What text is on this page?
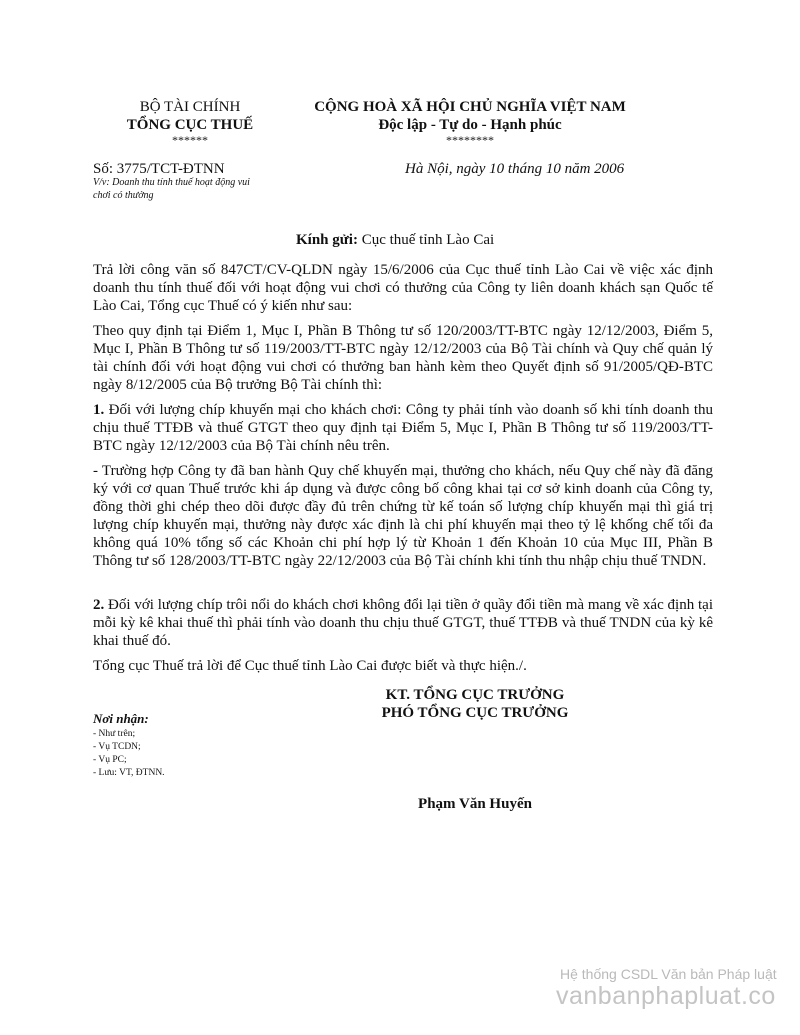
BỘ TÀI CHÍNH
TỔNG CỤC THUẾ
******
CỘNG HOÀ XÃ HỘI CHỦ NGHĨA VIỆT NAM
Độc lập - Tự do - Hạnh phúc
********
Số: 3775/TCT-ĐTNN
V/v: Doanh thu tính thuế hoạt động vui chơi có thưởng
Hà Nội, ngày 10 tháng 10 năm 2006
Kính gửi: Cục thuế tỉnh Lào Cai
Trả lời công văn số 847CT/CV-QLDN ngày 15/6/2006 của Cục thuế tỉnh Lào Cai về việc xác định doanh thu tính thuế đối với hoạt động vui chơi có thưởng của Công ty liên doanh khách sạn Quốc tế Lào Cai, Tổng cục Thuế có ý kiến như sau:
Theo quy định tại Điểm 1, Mục I, Phần B Thông tư số 120/2003/TT-BTC ngày 12/12/2003, Điểm 5, Mục I, Phần B Thông tư số 119/2003/TT-BTC ngày 12/12/2003 của Bộ Tài chính và Quy chế quản lý tài chính đối với hoạt động vui chơi có thưởng ban hành kèm theo Quyết định số 91/2005/QĐ-BTC ngày 8/12/2005 của Bộ trưởng Bộ Tài chính thì:
1. Đối với lượng chíp khuyến mại cho khách chơi: Công ty phải tính vào doanh số khi tính doanh thu chịu thuế TTĐB và thuế GTGT theo quy định tại Điểm 5, Mục I, Phần B Thông tư số 119/2003/TT-BTC ngày 12/12/2003 của Bộ Tài chính nêu trên.
- Trường hợp Công ty đã ban hành Quy chế khuyến mại, thưởng cho khách, nếu Quy chế này đã đăng ký với cơ quan Thuế trước khi áp dụng và được công bố công khai tại cơ sở kinh doanh của Công ty, đồng thời ghi chép theo dõi được đầy đủ trên chứng từ kế toán số lượng chíp khuyến mại thì giá trị lượng chíp khuyến mại, thưởng này được xác định là chi phí khuyến mại theo tỷ lệ khống chế tối đa không quá 10% tổng số các Khoản chi phí hợp lý từ Khoản 1 đến Khoản 10 của Mục III, Phần B Thông tư số 128/2003/TT-BTC ngày 22/12/2003 của Bộ Tài chính khi tính thu nhập chịu thuế TNDN.
2. Đối với lượng chíp trôi nổi do khách chơi không đổi lại tiền ở quầy đổi tiền mà mang về xác định tại mỗi kỳ kê khai thuế thì phải tính vào doanh thu chịu thuế GTGT, thuế TTĐB và thuế TNDN của kỳ kê khai thuế đó.
Tổng cục Thuế trả lời để Cục thuế tỉnh Lào Cai được biết và thực hiện./.
KT. TỔNG CỤC TRƯỞNG
PHÓ TỔNG CỤC TRƯỞNG
Phạm Văn Huyến
Nơi nhận:
- Như trên;
- Vụ TCDN;
- Vụ PC;
- Lưu: VT, ĐTNN.
Hệ thống CSDL Văn bản Pháp luật
vanbanphapluat.co
